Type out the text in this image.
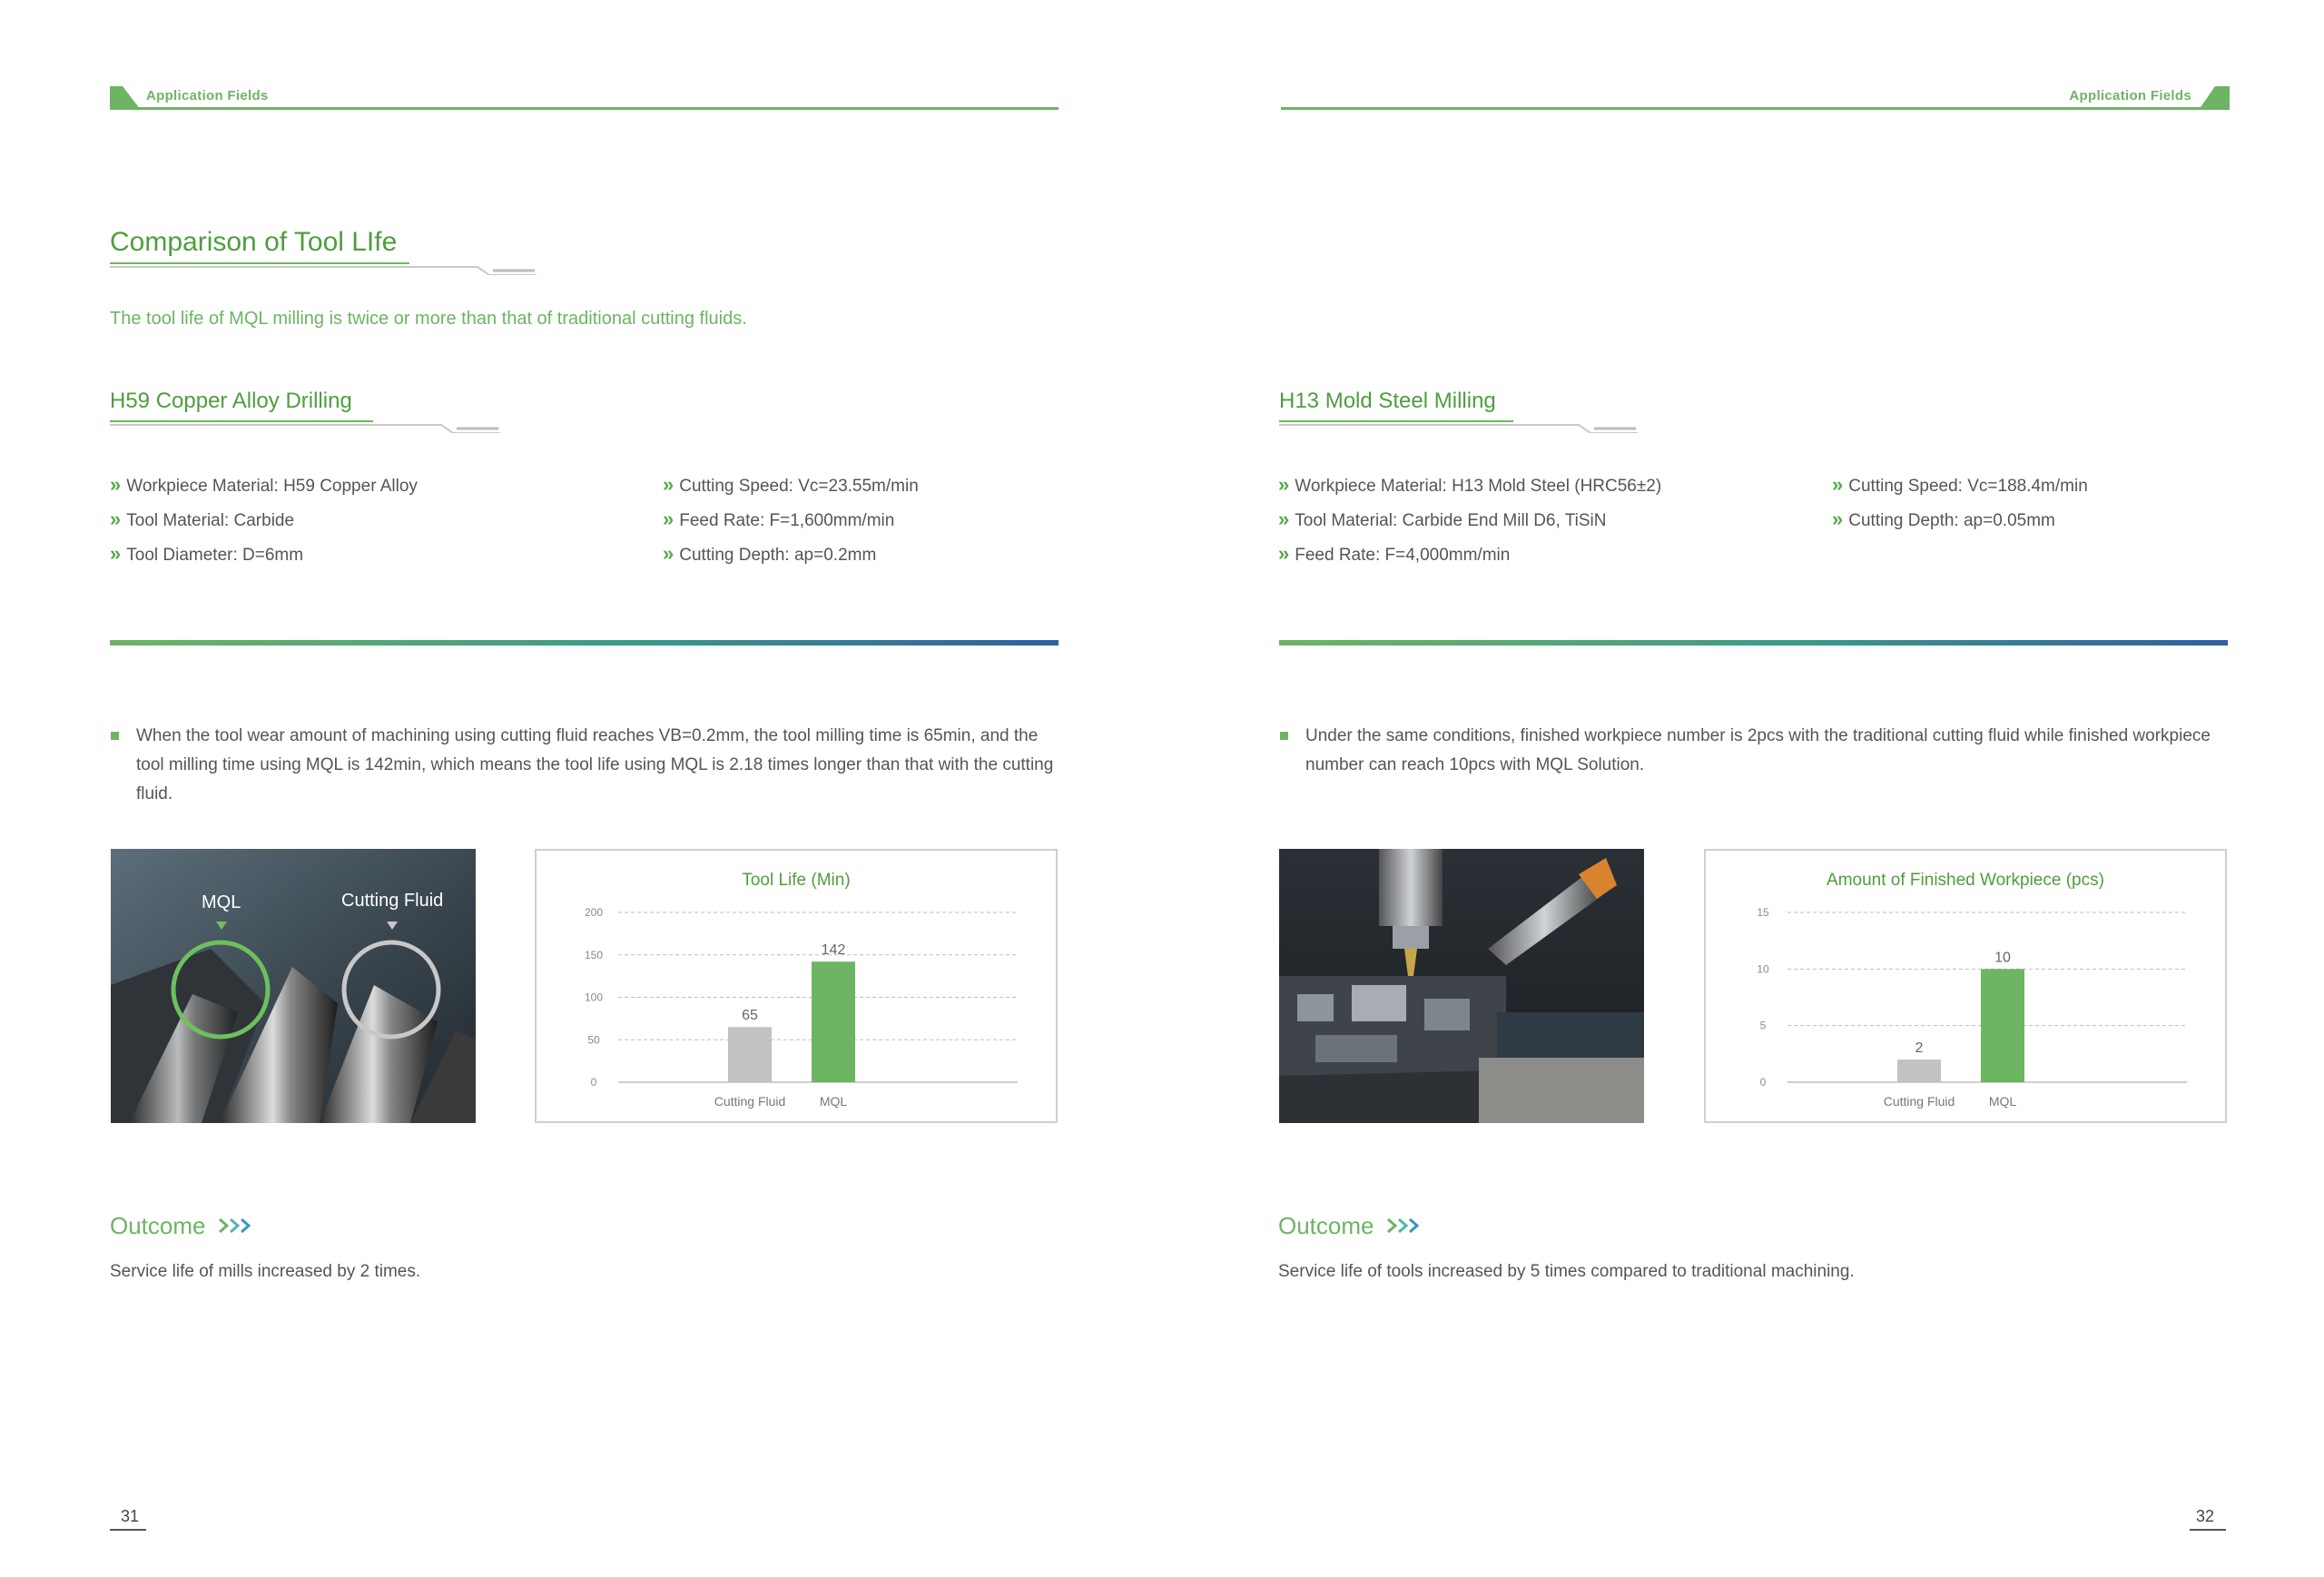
Application Fields	Application Fields
Comparison of Tool LIfe
The tool life of MQL milling is twice or more than that of traditional cutting fluids.
H59 Copper Alloy Drilling
» Workpiece Material: H59 Copper Alloy
» Tool Material: Carbide
» Tool Diameter: D=6mm
» Cutting Speed: Vc=23.55m/min
» Feed Rate: F=1,600mm/min
» Cutting Depth: ap=0.2mm
When the tool wear amount of machining using cutting fluid reaches VB=0.2mm, the tool milling time is 65min, and the tool milling time using MQL is 142min, which means the tool life using MQL is 2.18 times longer than that with the cutting fluid.
MQL	Cutting Fluid
Tool Life (Min)
0
50
100
150
200
65
Cutting Fluid
142
MQL
Outcome
Service life of mills increased by 2 times.
31
H13 Mold Steel Milling
» Workpiece Material: H13 Mold Steel (HRC56±2)
» Tool Material: Carbide End Mill D6, TiSiN
» Feed Rate: F=4,000mm/min
» Cutting Speed: Vc=188.4m/min
» Cutting Depth: ap=0.05mm
Under the same conditions, finished workpiece number is 2pcs with the traditional cutting fluid while finished workpiece number can reach 10pcs with MQL Solution.
Amount of Finished Workpiece (pcs)
0
5
10
15
2
Cutting Fluid
10
MQL
Outcome
Service life of tools increased by 5 times compared to traditional machining.
32
